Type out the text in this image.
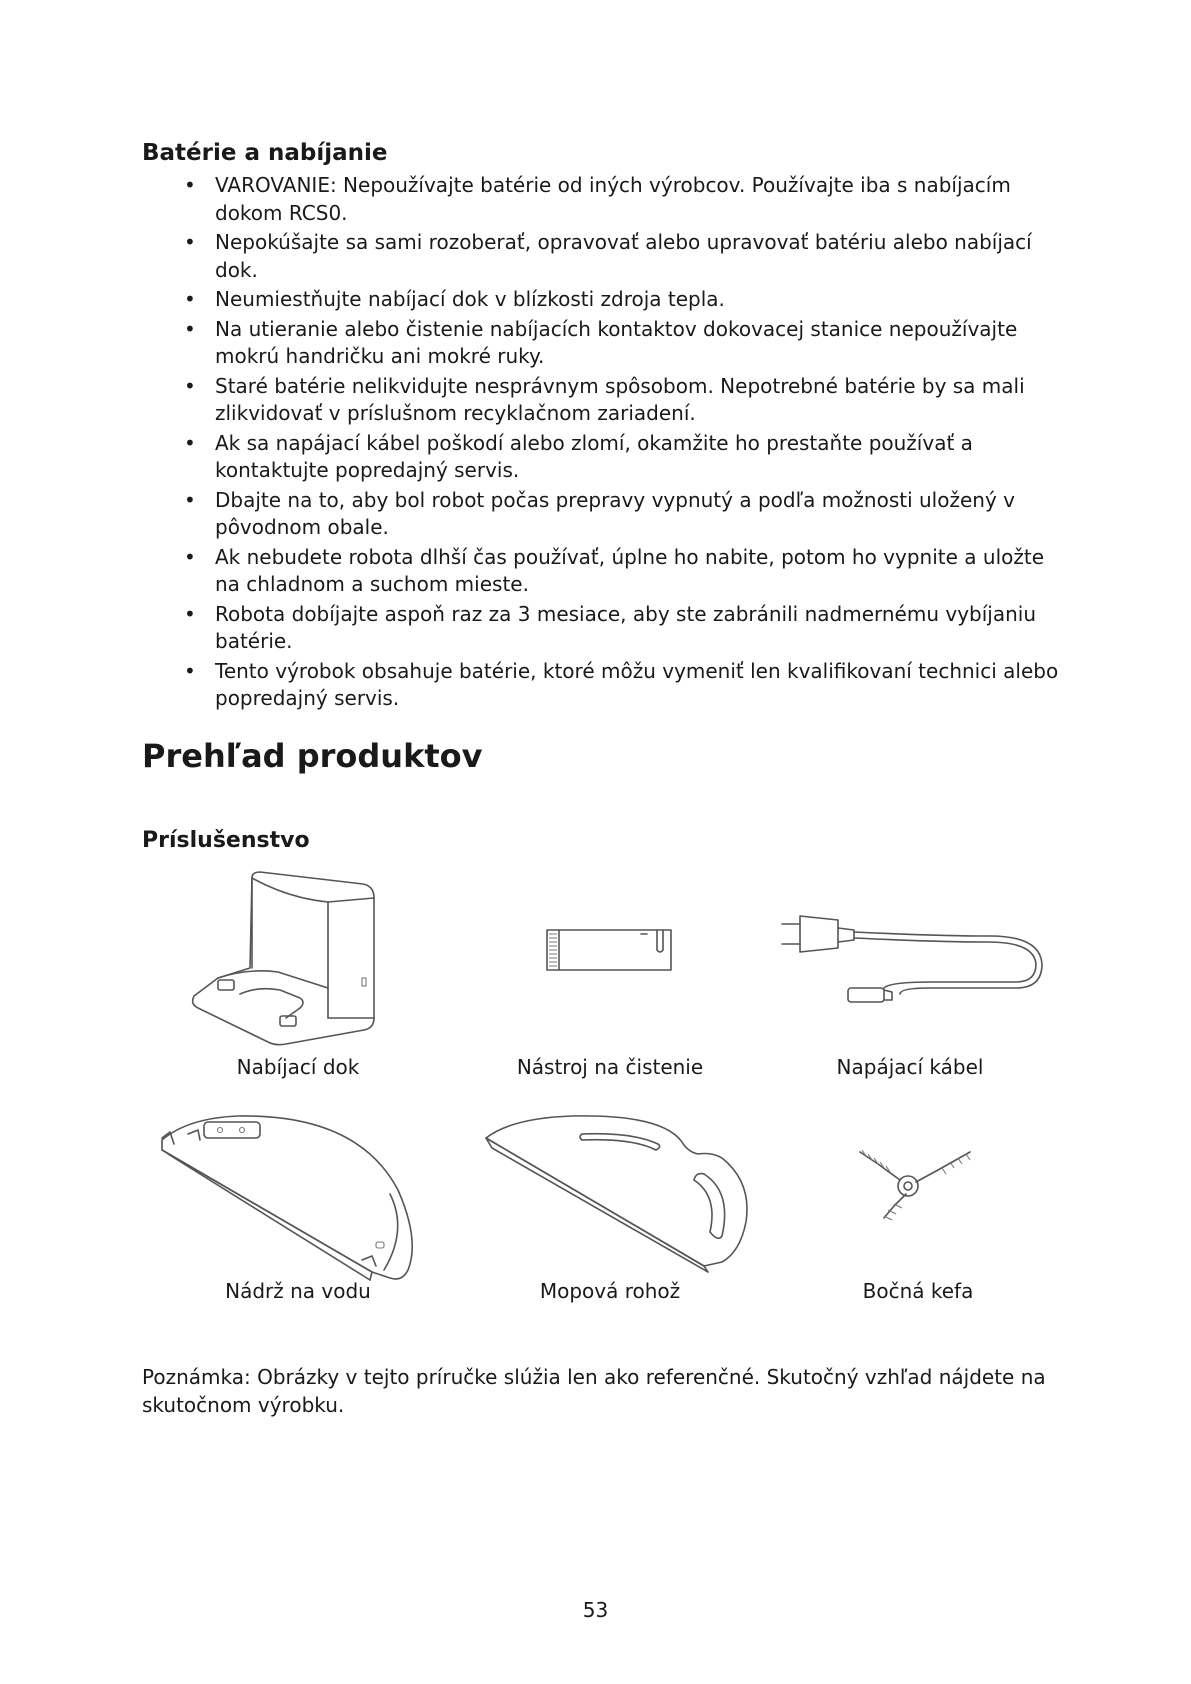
Batérie a nabíjanie
• VAROVANIE: Nepoužívajte batérie od iných výrobcov. Používajte iba s nabíjacím dokom RCS0.
• Nepokúšajte sa sami rozoberať, opravovať alebo upravovať batériu alebo nabíjací dok.
• Neumiestňujte nabíjací dok v blízkosti zdroja tepla.
• Na utieranie alebo čistenie nabíjacích kontaktov dokovacej stanice nepoužívajte mokrú handričku ani mokré ruky.
• Staré batérie nelikvidujte nesprávnym spôsobom. Nepotrebné batérie by sa mali zlikvidovať v príslušnom recyklačnom zariadení.
• Ak sa napájací kábel poškodí alebo zlomí, okamžite ho prestaňte používať a kontaktujte popredajný servis.
• Dbajte na to, aby bol robot počas prepravy vypnutý a podľa možnosti uložený v pôvodnom obale.
• Ak nebudete robota dlhší čas používať, úplne ho nabite, potom ho vypnite a uložte na chladnom a suchom mieste.
• Robota dobíjajte aspoň raz za 3 mesiace, aby ste zabránili nadmernému vybíjaniu batérie.
• Tento výrobok obsahuje batérie, ktoré môžu vymeniť len kvalifikovaní technici alebo popredajný servis.
Prehľad produktov
Príslušenstvo
Nabíjací dok	Nástroj na čistenie	Napájací kábel
Nádrž na vodu	Mopová rohož	Bočná kefa

Poznámka: Obrázky v tejto príručke slúžia len ako referenčné. Skutočný vzhľad nájdete na skutočnom výrobku.

53
